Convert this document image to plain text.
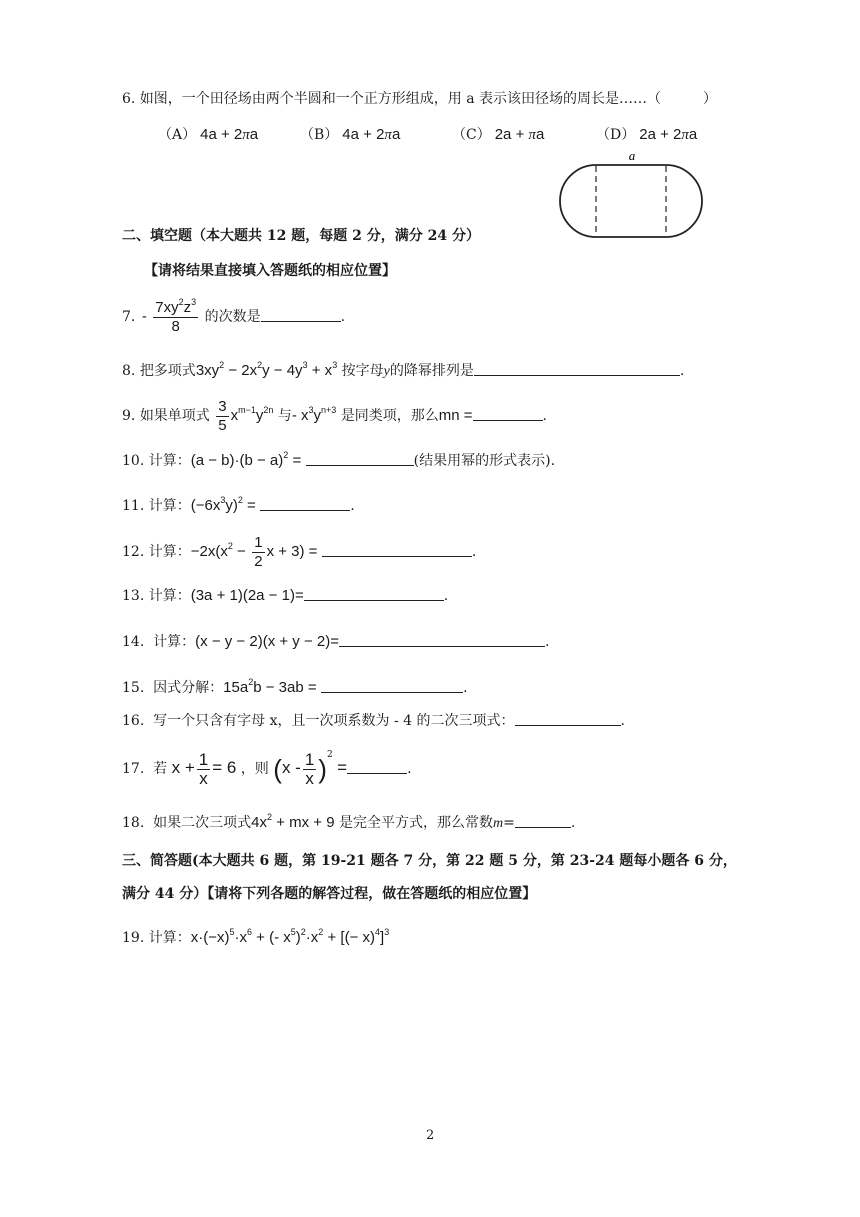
6. 如图，一个田径场由两个半圆和一个正方形组成，用 a 表示该田径场的周长是……（　　　）
（A） 4a + 2πa	（B） 4a + 2πa	（C） 2a + πa	（D） 2a + 2πa
a
二、填空题（本大题共 12 题，每题 2 分，满分 24 分）
【请将结果直接填入答题纸的相应位置】
7. - $\frac{7xy^2z^3}{8}$ 的次数是	.
8. 把多项式$3xy^2 - 2x^2y - 4y^3 + x^3$ 按字母y的降幂排列是	.
9. 如果单项式 $\frac{3}{5} x^{m-1}y^{2n}$ 与- $x^3y^{n+3}$ 是同类项，那么mn =	.
10. 计算：$(a - b)\cdot(b - a)^2$ =	(结果用幂的形式表示).
11. 计算：$(-6x^3y)^2$ =	.
12. 计算：$-2x(x^2 - \frac{1}{2}$ x + 3) =	.
13. 计算：(3a + 1)(2a − 1)=	.
14. 计算：(x − y − 2)(x + y − 2)=	.
15. 因式分解：$15a^2b - 3ab$ =	.
16. 写一个只含有字母 x，且一次项系数为 - 4 的二次三项式：	.
17. 若 $x + \frac{1}{x} = 6$ ，则 $(x - \frac{1}{x} )^2$ =	.
18. 如果二次三项式$4x^2$ + mx + 9 是完全平方式，那么常数m=	.
三、简答题(本大题共 6 题，第 19-21 题各 7 分，第 22 题 5 分，第 23-24 题每小题各 6 分，
满分 44 分）【请将下列各题的解答过程，做在答题纸的相应位置】
19. 计算：$x\cdot(-x)^5\cdot x^6$ + (- $x^5)^2\cdot x^2$ + [(− x)$^4$]$^3$
2
